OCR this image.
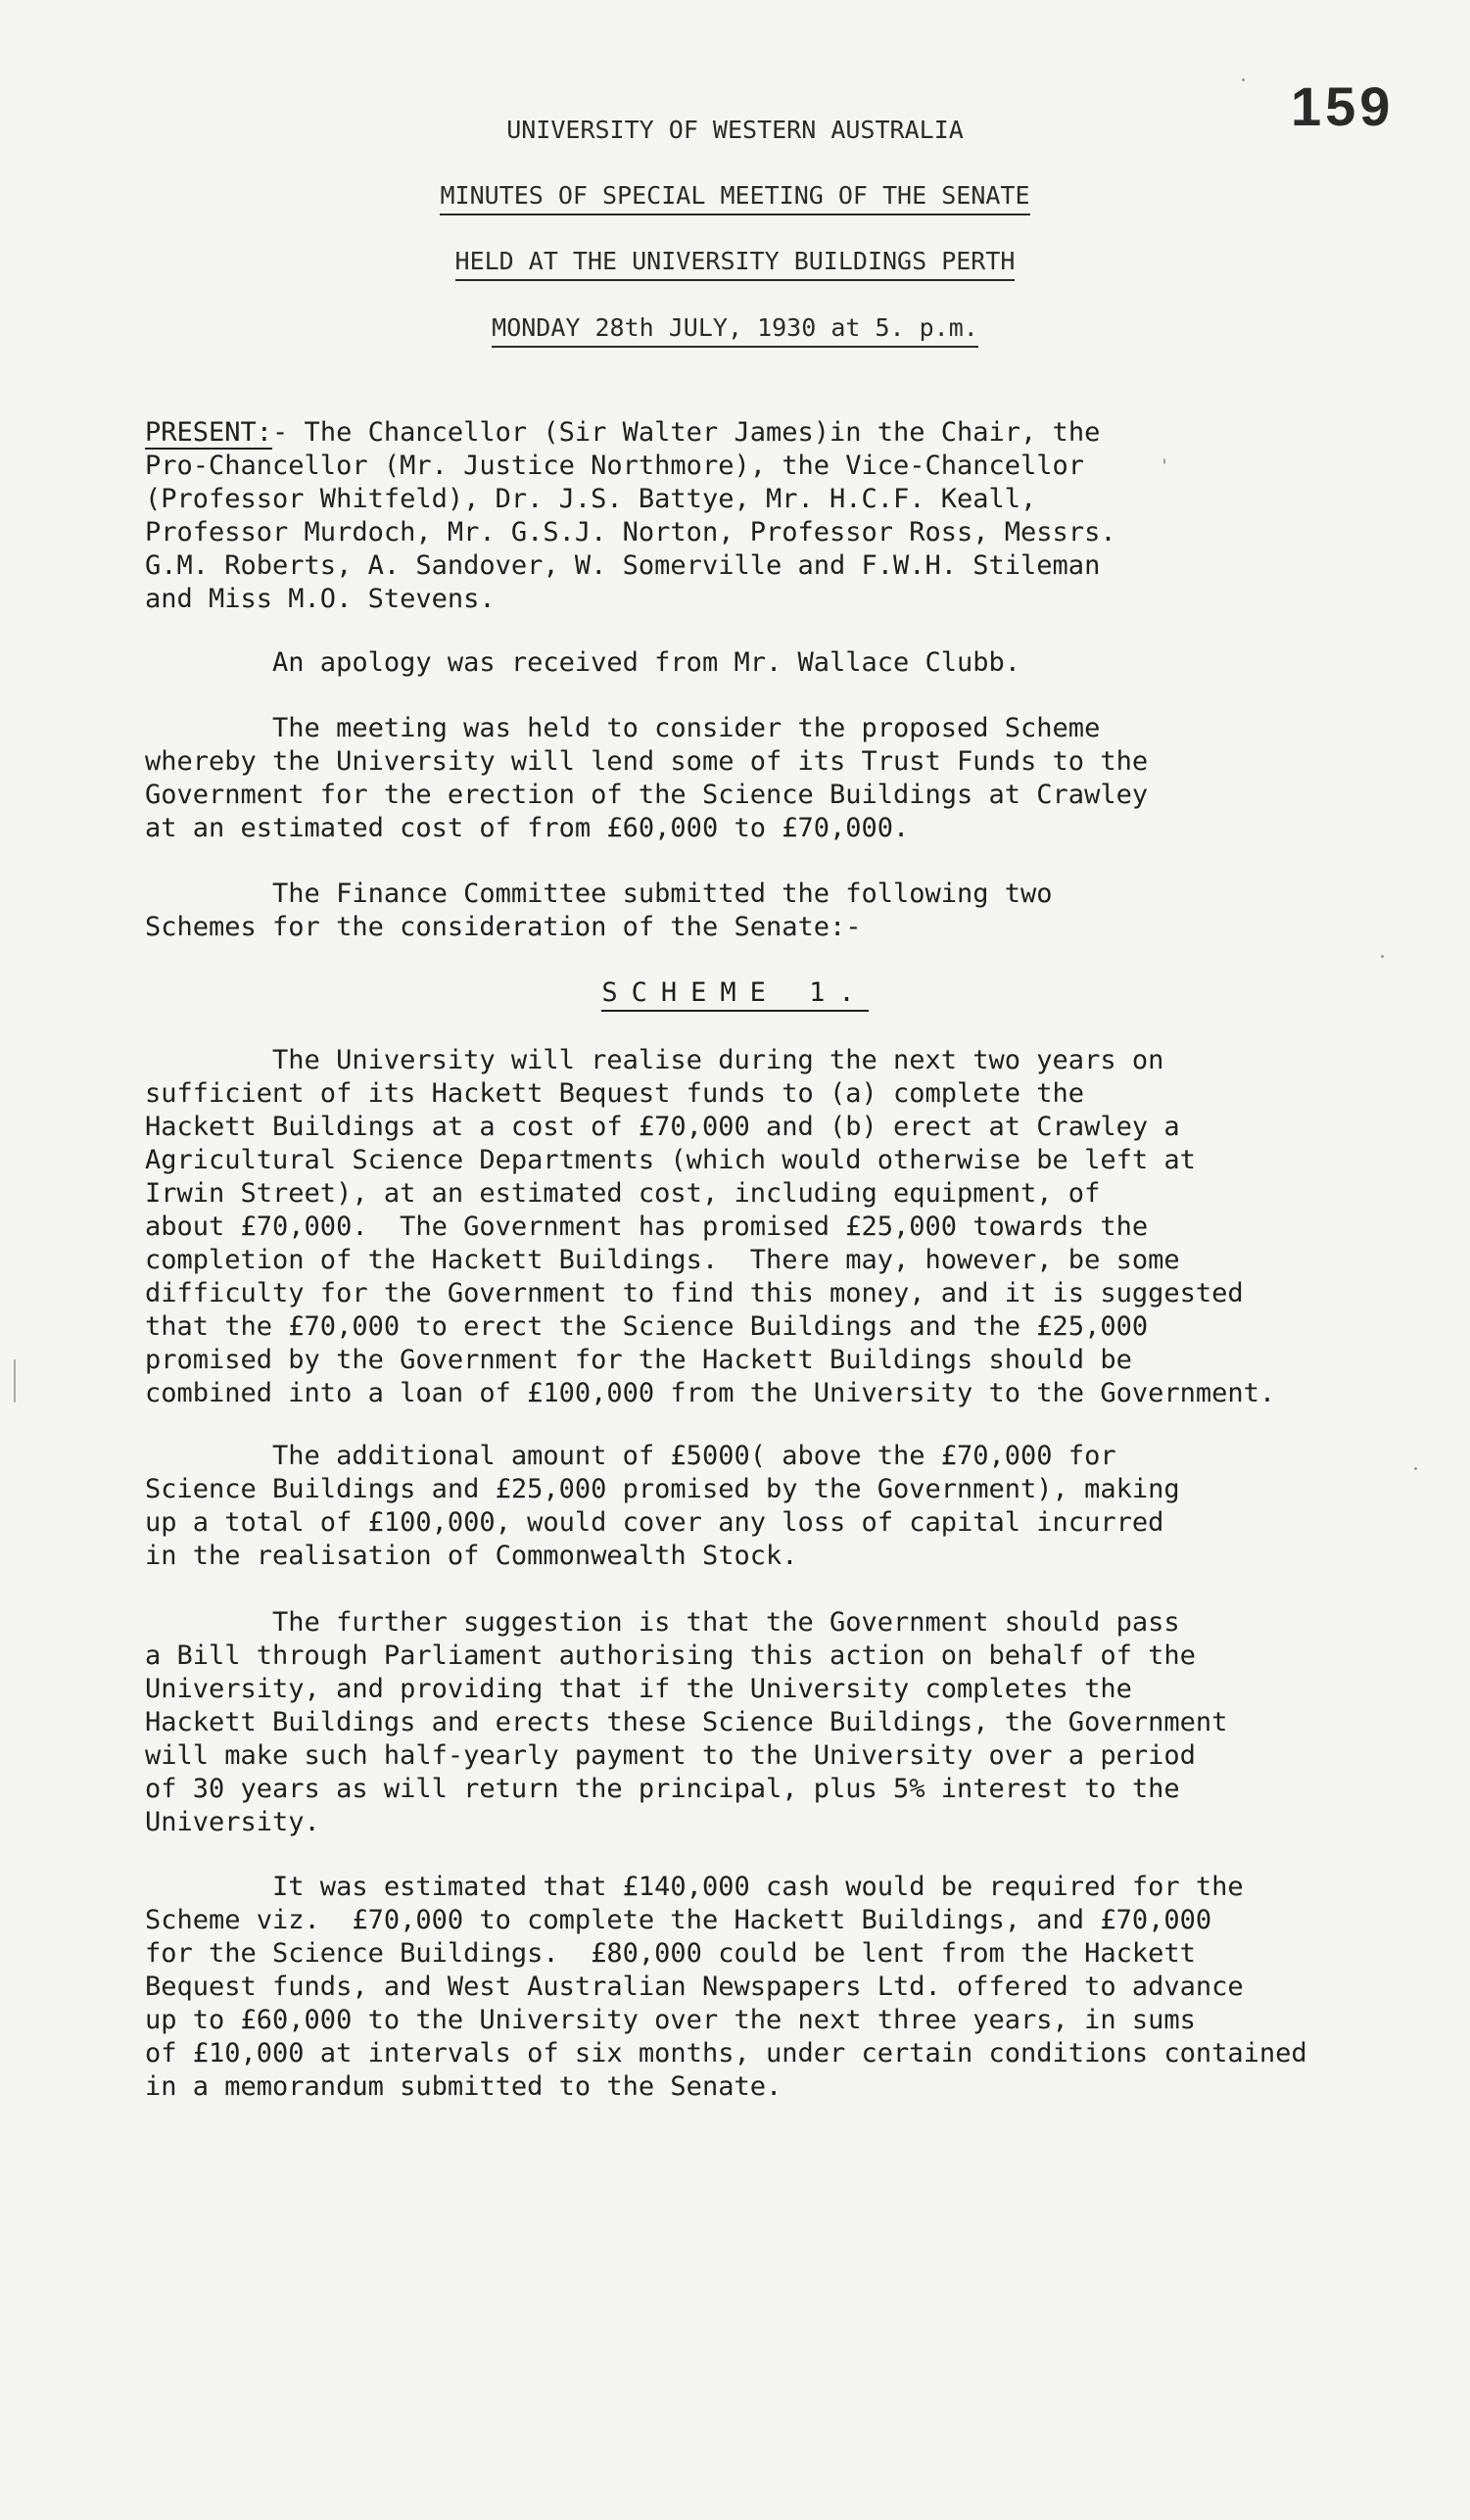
159
UNIVERSITY OF WESTERN AUSTRALIA
MINUTES OF SPECIAL MEETING OF THE SENATE
HELD AT THE UNIVERSITY BUILDINGS PERTH
MONDAY 28th JULY, 1930 at 5. p.m.
PRESENT:- The Chancellor (Sir Walter James)in the Chair, the
Pro-Chancellor (Mr. Justice Northmore), the Vice-Chancellor
(Professor Whitfeld), Dr. J.S. Battye, Mr. H.C.F. Keall,
Professor Murdoch, Mr. G.S.J. Norton, Professor Ross, Messrs.
G.M. Roberts, A. Sandover, W. Somerville and F.W.H. Stileman
and Miss M.O. Stevens.
An apology was received from Mr. Wallace Clubb.
The meeting was held to consider the proposed Scheme
whereby the University will lend some of its Trust Funds to the
Government for the erection of the Science Buildings at Crawley
at an estimated cost of from £60,000 to £70,000.
The Finance Committee submitted the following two
Schemes for the consideration of the Senate:-
SCHEME 1.
The University will realise during the next two years on
sufficient of its Hackett Bequest funds to (a) complete the
Hackett Buildings at a cost of £70,000 and (b) erect at Crawley a
Agricultural Science Departments (which would otherwise be left at
Irwin Street), at an estimated cost, including equipment, of
about £70,000.  The Government has promised £25,000 towards the
completion of the Hackett Buildings.  There may, however, be some
difficulty for the Government to find this money, and it is suggested
that the £70,000 to erect the Science Buildings and the £25,000
promised by the Government for the Hackett Buildings should be
combined into a loan of £100,000 from the University to the Government.
The additional amount of £5000( above the £70,000 for
Science Buildings and £25,000 promised by the Government), making
up a total of £100,000, would cover any loss of capital incurred
in the realisation of Commonwealth Stock.
The further suggestion is that the Government should pass
a Bill through Parliament authorising this action on behalf of the
University, and providing that if the University completes the
Hackett Buildings and erects these Science Buildings, the Government
will make such half-yearly payment to the University over a period
of 30 years as will return the principal, plus 5% interest to the
University.
It was estimated that £140,000 cash would be required for the
Scheme viz.  £70,000 to complete the Hackett Buildings, and £70,000
for the Science Buildings.  £80,000 could be lent from the Hackett
Bequest funds, and West Australian Newspapers Ltd. offered to advance
up to £60,000 to the University over the next three years, in sums
of £10,000 at intervals of six months, under certain conditions contained
in a memorandum submitted to the Senate.
